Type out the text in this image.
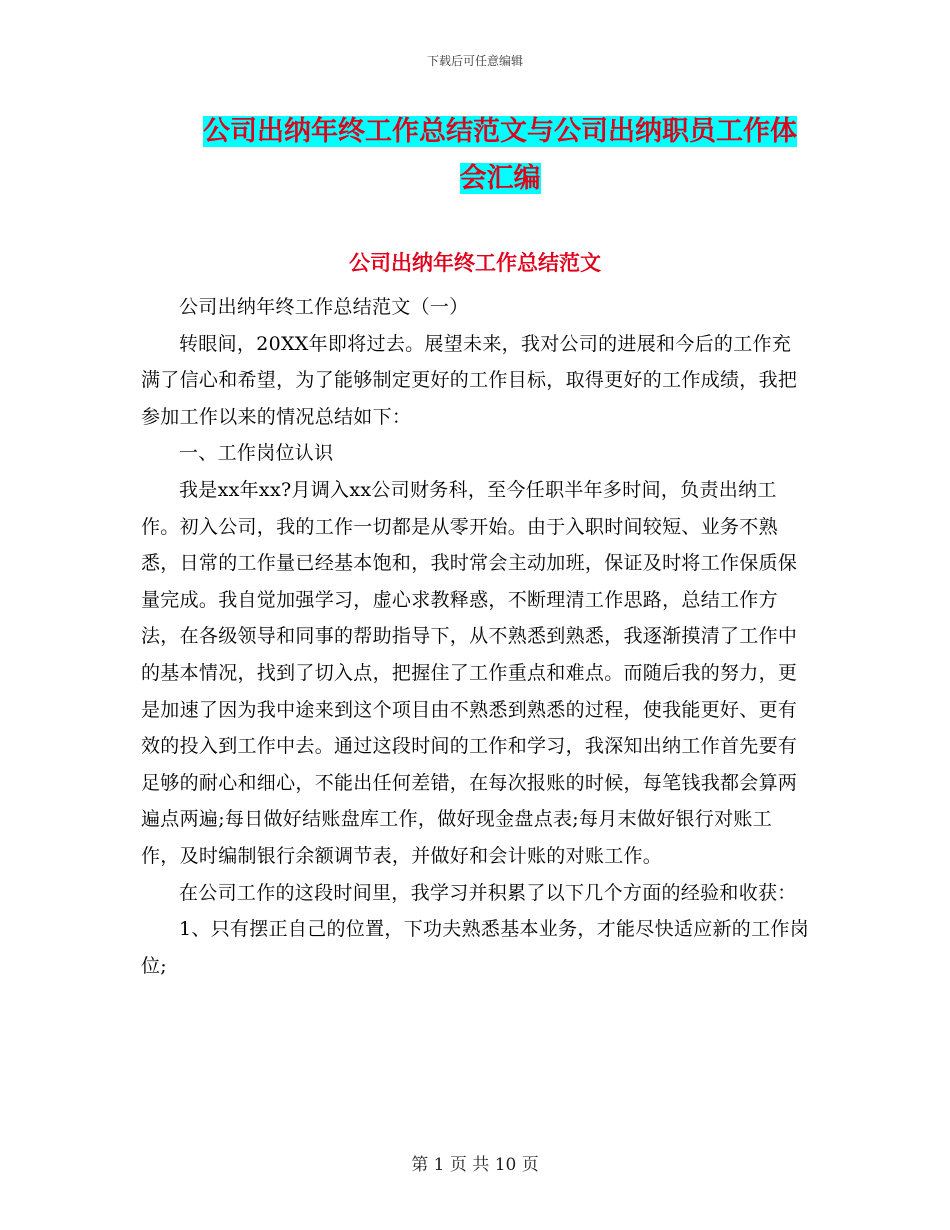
下载后可任意编辑
公司出纳年终工作总结范文与公司出纳职员工作体会汇编
公司出纳年终工作总结范文

公司出纳年终工作总结范文（一）

转眼间，20XX年即将过去。展望未来，我对公司的进展和今后的工作充满了信心和希望，为了能够制定更好的工作目标，取得更好的工作成绩，我把参加工作以来的情况总结如下：

一、工作岗位认识

我是xx年xx?月调入xx公司财务科，至今任职半年多时间，负责出纳工作。初入公司，我的工作一切都是从零开始。由于入职时间较短、业务不熟悉，日常的工作量已经基本饱和，我时常会主动加班，保证及时将工作保质保量完成。我自觉加强学习，虚心求教释惑，不断理清工作思路，总结工作方法，在各级领导和同事的帮助指导下，从不熟悉到熟悉，我逐渐摸清了工作中的基本情况，找到了切入点，把握住了工作重点和难点。而随后我的努力，更是加速了因为我中途来到这个项目由不熟悉到熟悉的过程，使我能更好、更有效的投入到工作中去。通过这段时间的工作和学习，我深知出纳工作首先要有足够的耐心和细心，不能出任何差错，在每次报账的时候，每笔钱我都会算两遍点两遍;每日做好结账盘库工作，做好现金盘点表;每月末做好银行对账工作，及时编制银行余额调节表，并做好和会计账的对账工作。

在公司工作的这段时间里，我学习并积累了以下几个方面的经验和收获：

1、只有摆正自己的位置，下功夫熟悉基本业务，才能尽快适应新的工作岗位;

第 1 页 共 10 页
